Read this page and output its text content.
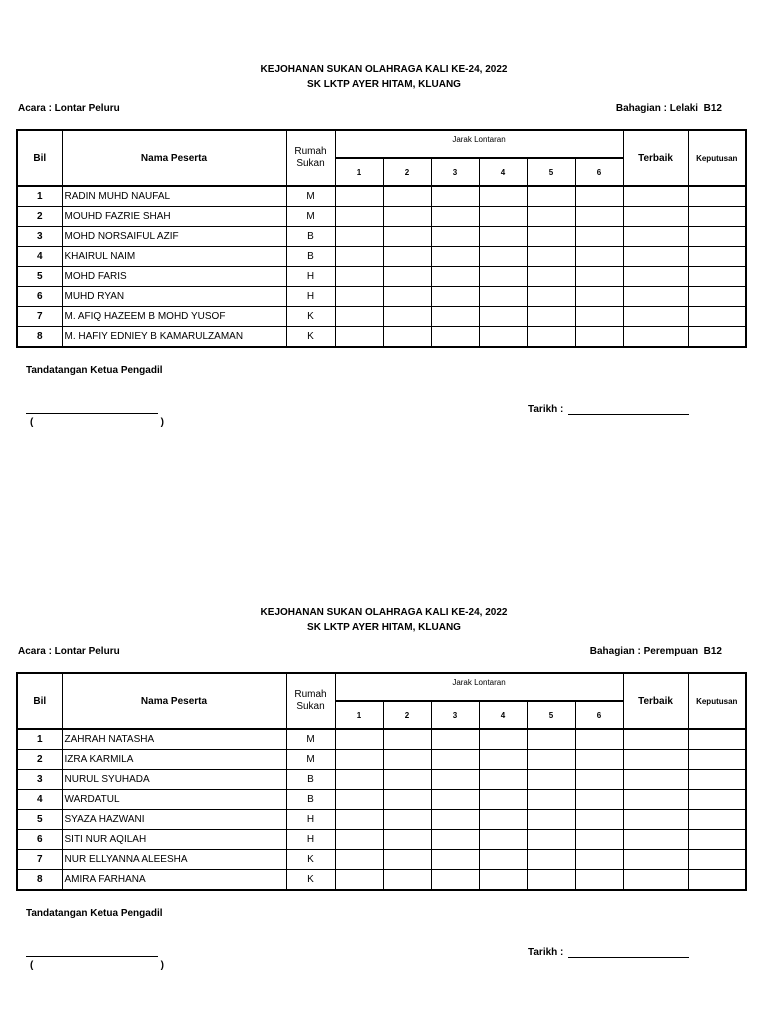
KEJOHANAN SUKAN OLAHRAGA KALI KE-24, 2022
SK LKTP AYER HITAM, KLUANG
Acara : Lontar Peluru	Bahagian : Lelaki  B12
Bil	Nama Peserta	Rumah
Sukan	Jarak Lontaran						Terbaik	Keputusan
			1	2	3	4	5	6		
1	RADIN MUHD NAUFAL	M								
2	MOUHD FAZRIE SHAH	M								
3	MOHD NORSAIFUL AZIF	B								
4	KHAIRUL NAIM	B								
5	MOHD FARIS	H								
6	MUHD RYAN	H								
7	M. AFIQ HAZEEM B MOHD YUSOF	K								
8	M. HAFIY EDNIEY B KAMARULZAMAN	K								
Tandatangan Ketua Pengadil
(	)
Tarikh :
KEJOHANAN SUKAN OLAHRAGA KALI KE-24, 2022
SK LKTP AYER HITAM, KLUANG
Acara : Lontar Peluru	Bahagian : Perempuan  B12
Bil	Nama Peserta	Rumah
Sukan	Jarak Lontaran						Terbaik	Keputusan
			1	2	3	4	5	6		
1	ZAHRAH NATASHA	M								
2	IZRA KARMILA	M								
3	NURUL SYUHADA	B								
4	WARDATUL	B								
5	SYAZA HAZWANI	H								
6	SITI NUR AQILAH	H								
7	NUR ELLYANNA ALEESHA	K								
8	AMIRA FARHANA	K								
Tandatangan Ketua Pengadil
(	)
Tarikh :
